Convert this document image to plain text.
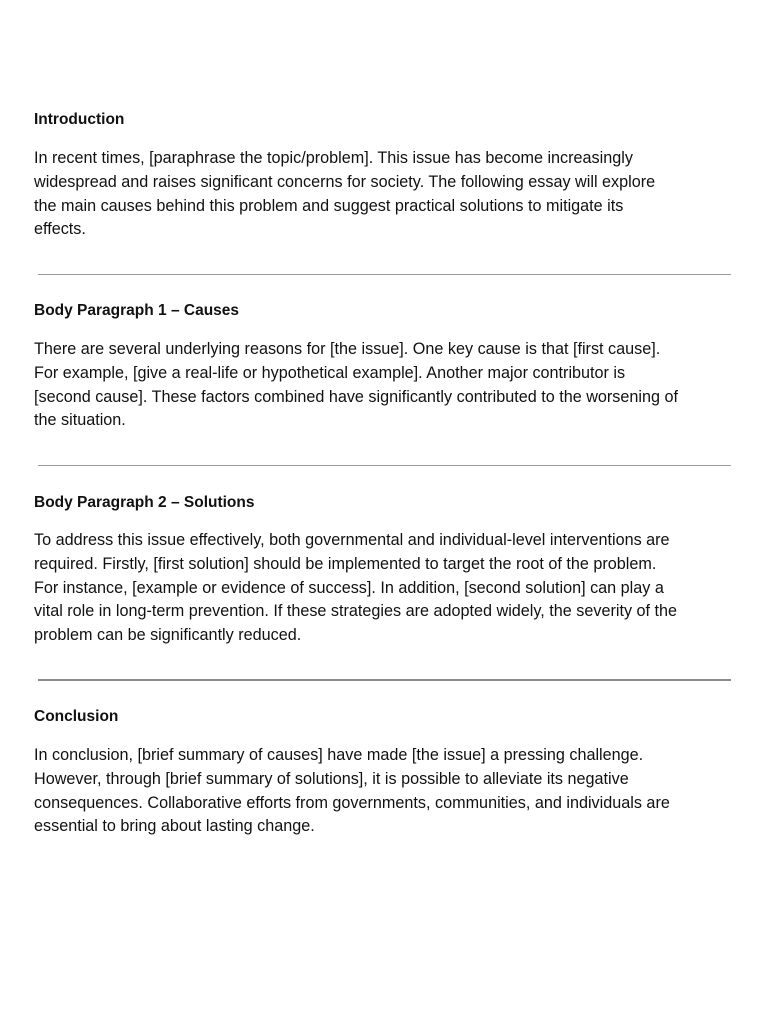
Introduction

In recent times, [paraphrase the topic/problem]. This issue has become increasingly
widespread and raises significant concerns for society. The following essay will explore
the main causes behind this problem and suggest practical solutions to mitigate its
effects.

Body Paragraph 1 – Causes

There are several underlying reasons for [the issue]. One key cause is that [first cause].
For example, [give a real-life or hypothetical example]. Another major contributor is
[second cause]. These factors combined have significantly contributed to the worsening of
the situation.

Body Paragraph 2 – Solutions

To address this issue effectively, both governmental and individual-level interventions are
required. Firstly, [first solution] should be implemented to target the root of the problem.
For instance, [example or evidence of success]. In addition, [second solution] can play a
vital role in long-term prevention. If these strategies are adopted widely, the severity of the
problem can be significantly reduced.

Conclusion

In conclusion, [brief summary of causes] have made [the issue] a pressing challenge.
However, through [brief summary of solutions], it is possible to alleviate its negative
consequences. Collaborative efforts from governments, communities, and individuals are
essential to bring about lasting change.
